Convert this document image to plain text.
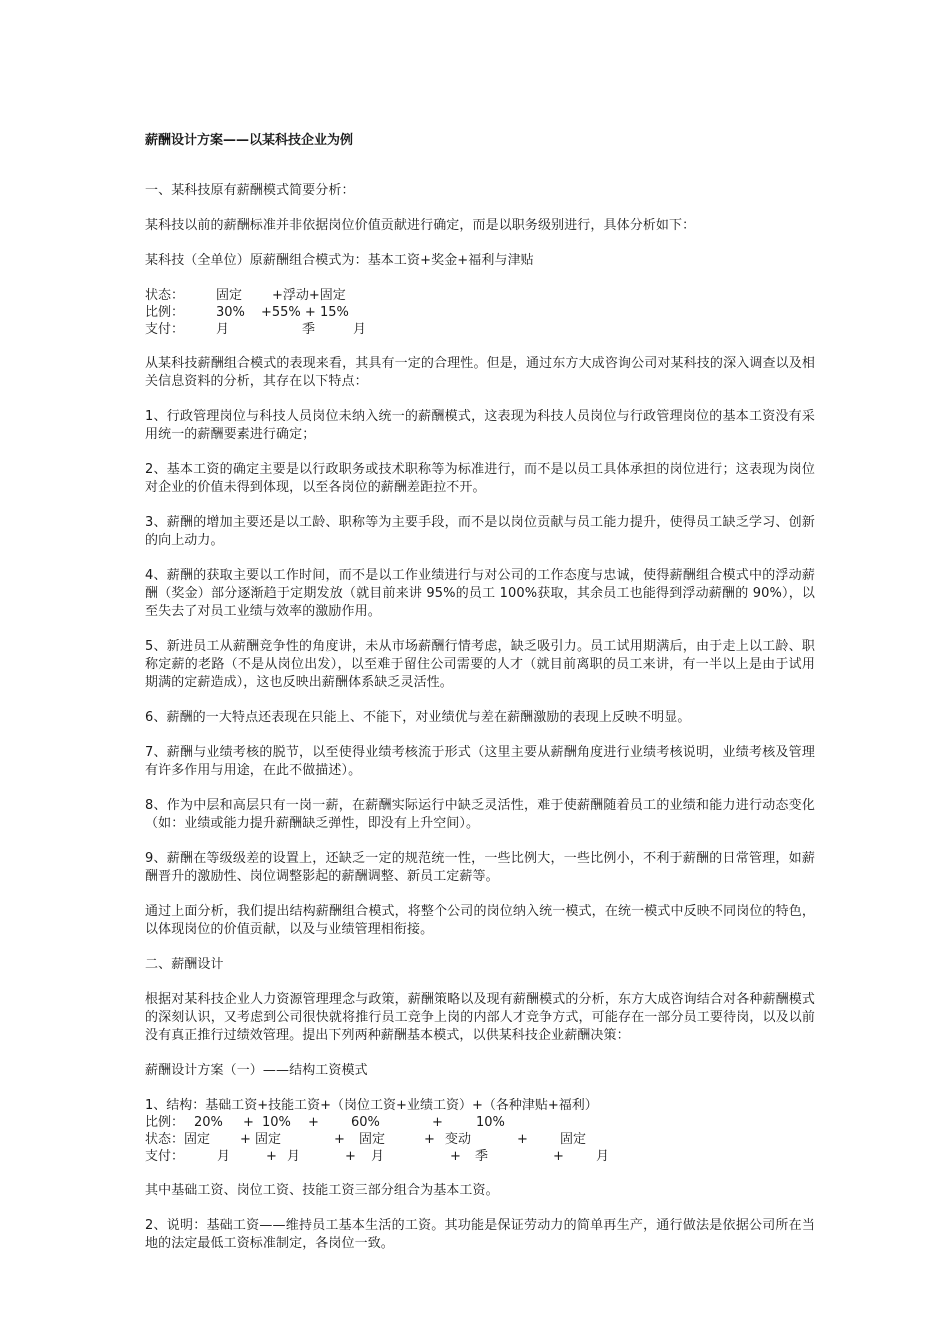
薪酬设计方案——以某科技企业为例

一、某科技原有薪酬模式简要分析：

某科技以前的薪酬标准并非依据岗位价值贡献进行确定，而是以职务级别进行，具体分析如下：

某科技（全单位）原薪酬组合模式为：基本工资+奖金+福利与津贴

状态： 固定 +浮动+固定
比例： 30% +55% + 15%
支付： 月	季	月

从某科技薪酬组合模式的表现来看，其具有一定的合理性。但是，通过东方大成咨询公司对某科技的深入调查以及相关信息资料的分析，其存在以下特点：

1、行政管理岗位与科技人员岗位未纳入统一的薪酬模式，这表现为科技人员岗位与行政管理岗位的基本工资没有采用统一的薪酬要素进行确定；

2、基本工资的确定主要是以行政职务或技术职称等为标准进行，而不是以员工具体承担的岗位进行；这表现为岗位对企业的价值未得到体现，以至各岗位的薪酬差距拉不开。

3、薪酬的增加主要还是以工龄、职称等为主要手段，而不是以岗位贡献与员工能力提升，使得员工缺乏学习、创新的向上动力。

4、薪酬的获取主要以工作时间，而不是以工作业绩进行与对公司的工作态度与忠诚，使得薪酬组合模式中的浮动薪酬（奖金）部分逐渐趋于定期发放（就目前来讲 95%的员工 100%获取，其余员工也能得到浮动薪酬的 90%），以至失去了对员工业绩与效率的激励作用。

5、新进员工从薪酬竞争性的角度讲，未从市场薪酬行情考虑，缺乏吸引力。员工试用期满后，由于走上以工龄、职称定薪的老路（不是从岗位出发），以至难于留住公司需要的人才（就目前离职的员工来讲，有一半以上是由于试用期满的定薪造成），这也反映出薪酬体系缺乏灵活性。

6、薪酬的一大特点还表现在只能上、不能下，对业绩优与差在薪酬激励的表现上反映不明显。

7、薪酬与业绩考核的脱节，以至使得业绩考核流于形式（这里主要从薪酬角度进行业绩考核说明，业绩考核及管理有许多作用与用途，在此不做描述）。

8、作为中层和高层只有一岗一薪，在薪酬实际运行中缺乏灵活性，难于使薪酬随着员工的业绩和能力进行动态变化（如：业绩或能力提升薪酬缺乏弹性，即没有上升空间）。

9、薪酬在等级级差的设置上，还缺乏一定的规范统一性，一些比例大，一些比例小，不利于薪酬的日常管理，如薪酬晋升的激励性、岗位调整影起的薪酬调整、新员工定薪等。

通过上面分析，我们提出结构薪酬组合模式，将整个公司的岗位纳入统一模式，在统一模式中反映不同岗位的特色，以体现岗位的价值贡献，以及与业绩管理相衔接。

二、薪酬设计

根据对某科技企业人力资源管理理念与政策，薪酬策略以及现有薪酬模式的分析，东方大成咨询结合对各种薪酬模式的深刻认识，又考虑到公司很快就将推行员工竞争上岗的内部人才竞争方式，可能存在一部分员工要待岗，以及以前没有真正推行过绩效管理。提出下列两种薪酬基本模式，以供某科技企业薪酬决策：

薪酬设计方案（一）——结构工资模式

1、结构：基础工资+技能工资+（岗位工资+业绩工资）+（各种津贴+福利）
比例： 20% + 10% + 60%	+	10%
状态：固定 + 固定	+ 固定	+ 变动	+ 固定
支付：	月	+ 月	+ 月	+ 季	+ 月

其中基础工资、岗位工资、技能工资三部分组合为基本工资。

2、说明：基础工资——维持员工基本生活的工资。其功能是保证劳动力的简单再生产，通行做法是依据公司所在当地的法定最低工资标准制定，各岗位一致。
